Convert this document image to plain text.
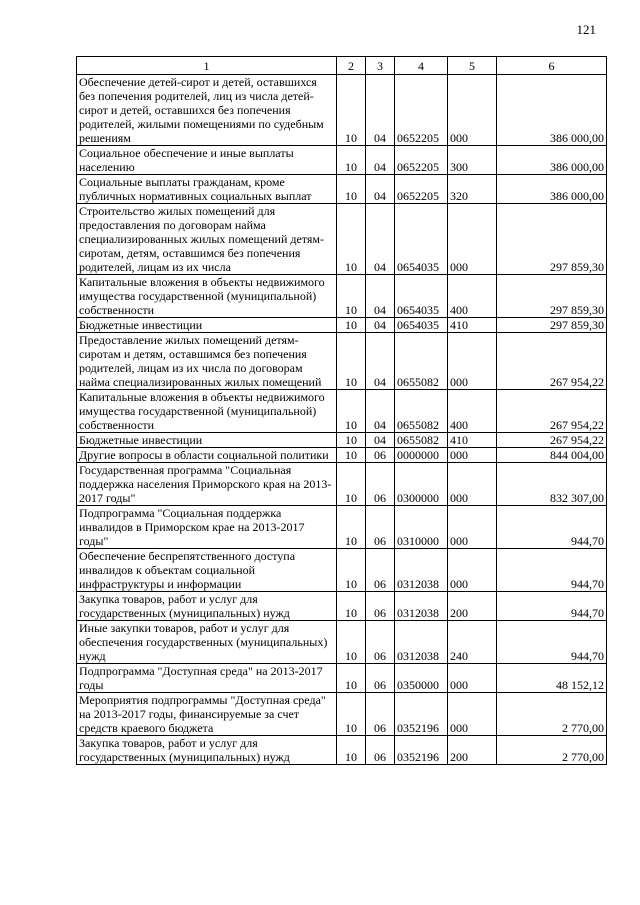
121
1	2	3	4	5	6
Обеспечение детей-сирот и детей, оставшихся без попечения родителей, лиц из числа детей-сирот и детей, оставшихся без попечения родителей, жилыми помещениями по судебным решениям	10	04	0652205	000	386 000,00
Социальное обеспечение и иные выплаты населению	10	04	0652205	300	386 000,00
Социальные выплаты гражданам, кроме публичных нормативных социальных выплат	10	04	0652205	320	386 000,00
Строительство жилых помещений для предоставления по договорам найма специализированных жилых помещений детям-сиротам, детям, оставшимся без попечения родителей, лицам из их числа	10	04	0654035	000	297 859,30
Капитальные вложения в объекты недвижимого имущества государственной (муниципальной) собственности	10	04	0654035	400	297 859,30
Бюджетные инвестиции	10	04	0654035	410	297 859,30
Предоставление жилых помещений детям-сиротам и детям, оставшимся без попечения родителей, лицам из их числа по договорам найма специализированных жилых помещений	10	04	0655082	000	267 954,22
Капитальные вложения в объекты недвижимого имущества государственной (муниципальной) собственности	10	04	0655082	400	267 954,22
Бюджетные инвестиции	10	04	0655082	410	267 954,22
Другие вопросы в области социальной политики	10	06	0000000	000	844 004,00
Государственная программа "Социальная поддержка населения Приморского края на 2013-2017 годы"	10	06	0300000	000	832 307,00
Подпрограмма "Социальная поддержка инвалидов в Приморском крае на 2013-2017 годы"	10	06	0310000	000	944,70
Обеспечение беспрепятственного доступа инвалидов к объектам социальной инфраструктуры и информации	10	06	0312038	000	944,70
Закупка товаров, работ и услуг для государственных (муниципальных) нужд	10	06	0312038	200	944,70
Иные закупки товаров, работ и услуг для обеспечения государственных (муниципальных) нужд	10	06	0312038	240	944,70
Подпрограмма "Доступная среда" на 2013-2017 годы	10	06	0350000	000	48 152,12
Мероприятия подпрограммы "Доступная среда" на 2013-2017 годы, финансируемые за счет средств краевого бюджета	10	06	0352196	000	2 770,00
Закупка товаров, работ и услуг для государственных (муниципальных) нужд	10	06	0352196	200	2 770,00
